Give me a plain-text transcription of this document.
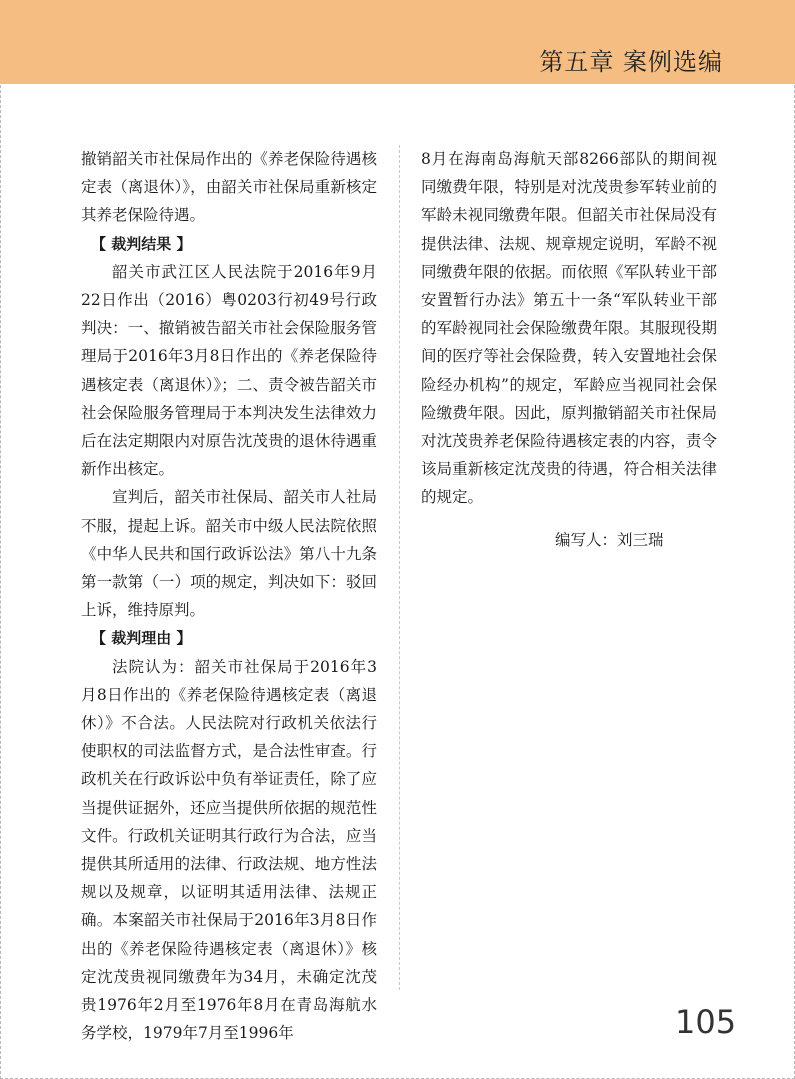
第五章 案例选编

撤销韶关市社保局作出的《养老保险待遇核定表（离退休）》，由韶关市社保局重新核定其养老保险待遇。

【 裁判结果 】

韶关市武江区人民法院于2016年9月22日作出（2016）粤0203行初49号行政判决：一、撤销被告韶关市社会保险服务管理局于2016年3月8日作出的《养老保险待遇核定表（离退休）》；二、责令被告韶关市社会保险服务管理局于本判决发生法律效力后在法定期限内对原告沈茂贵的退休待遇重新作出核定。

宣判后，韶关市社保局、韶关市人社局不服，提起上诉。韶关市中级人民法院依照《中华人民共和国行政诉讼法》第八十九条第一款第（一）项的规定，判决如下：驳回上诉，维持原判。

【 裁判理由 】

法院认为：韶关市社保局于2016年3月8日作出的《养老保险待遇核定表（离退休）》不合法。人民法院对行政机关依法行使职权的司法监督方式，是合法性审查。行政机关在行政诉讼中负有举证责任，除了应当提供证据外，还应当提供所依据的规范性文件。行政机关证明其行政行为合法，应当提供其所适用的法律、行政法规、地方性法规以及规章，以证明其适用法律、法规正确。本案韶关市社保局于2016年3月8日作出的《养老保险待遇核定表（离退休）》核定沈茂贵视同缴费年为34月，未确定沈茂贵1976年2月至1976年8月在青岛海航水务学校，1979年7月至1996年

8月在海南岛海航天部8266部队的期间视同缴费年限，特别是对沈茂贵参军转业前的军龄未视同缴费年限。但韶关市社保局没有提供法律、法规、规章规定说明，军龄不视同缴费年限的依据。而依照《军队转业干部安置暂行办法》第五十一条“军队转业干部的军龄视同社会保险缴费年限。其服现役期间的医疗等社会保险费，转入安置地社会保险经办机构”的规定，军龄应当视同社会保险缴费年限。因此，原判撤销韶关市社保局对沈茂贵养老保险待遇核定表的内容，责令该局重新核定沈茂贵的待遇，符合相关法律的规定。

编写人：刘三瑞
105
